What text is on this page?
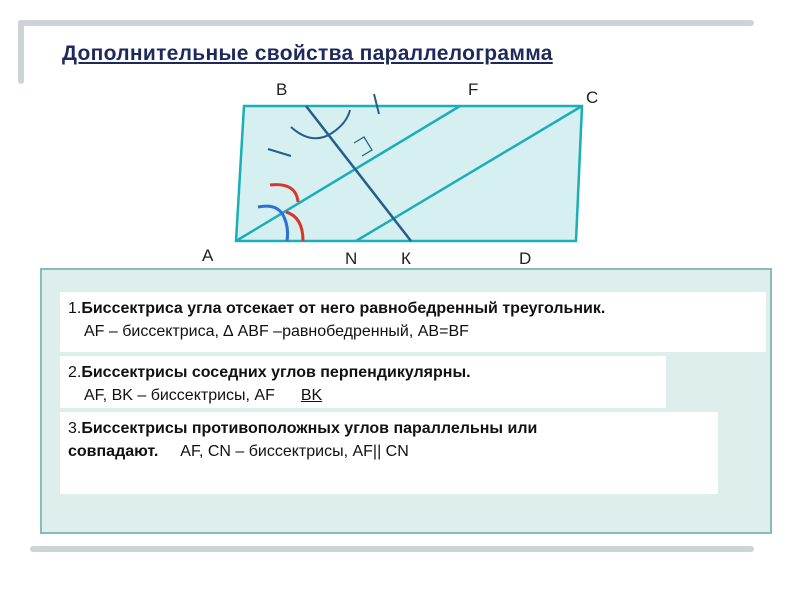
Дополнительные свойства параллелограмма
B	F	C
A	N	К	D
1.Биссектриса угла отсекает от него равнобедренный треугольник.
AF – биссектриса, ∆ ABF –равнобедренный, AB=BF
2.Биссектрисы соседних углов перпендикулярны.
AF, BK – биссектрисы, AF BK
3.Биссектрисы противоположных углов параллельны или
совпадают. AF, CN – биссектрисы, AF|| CN
